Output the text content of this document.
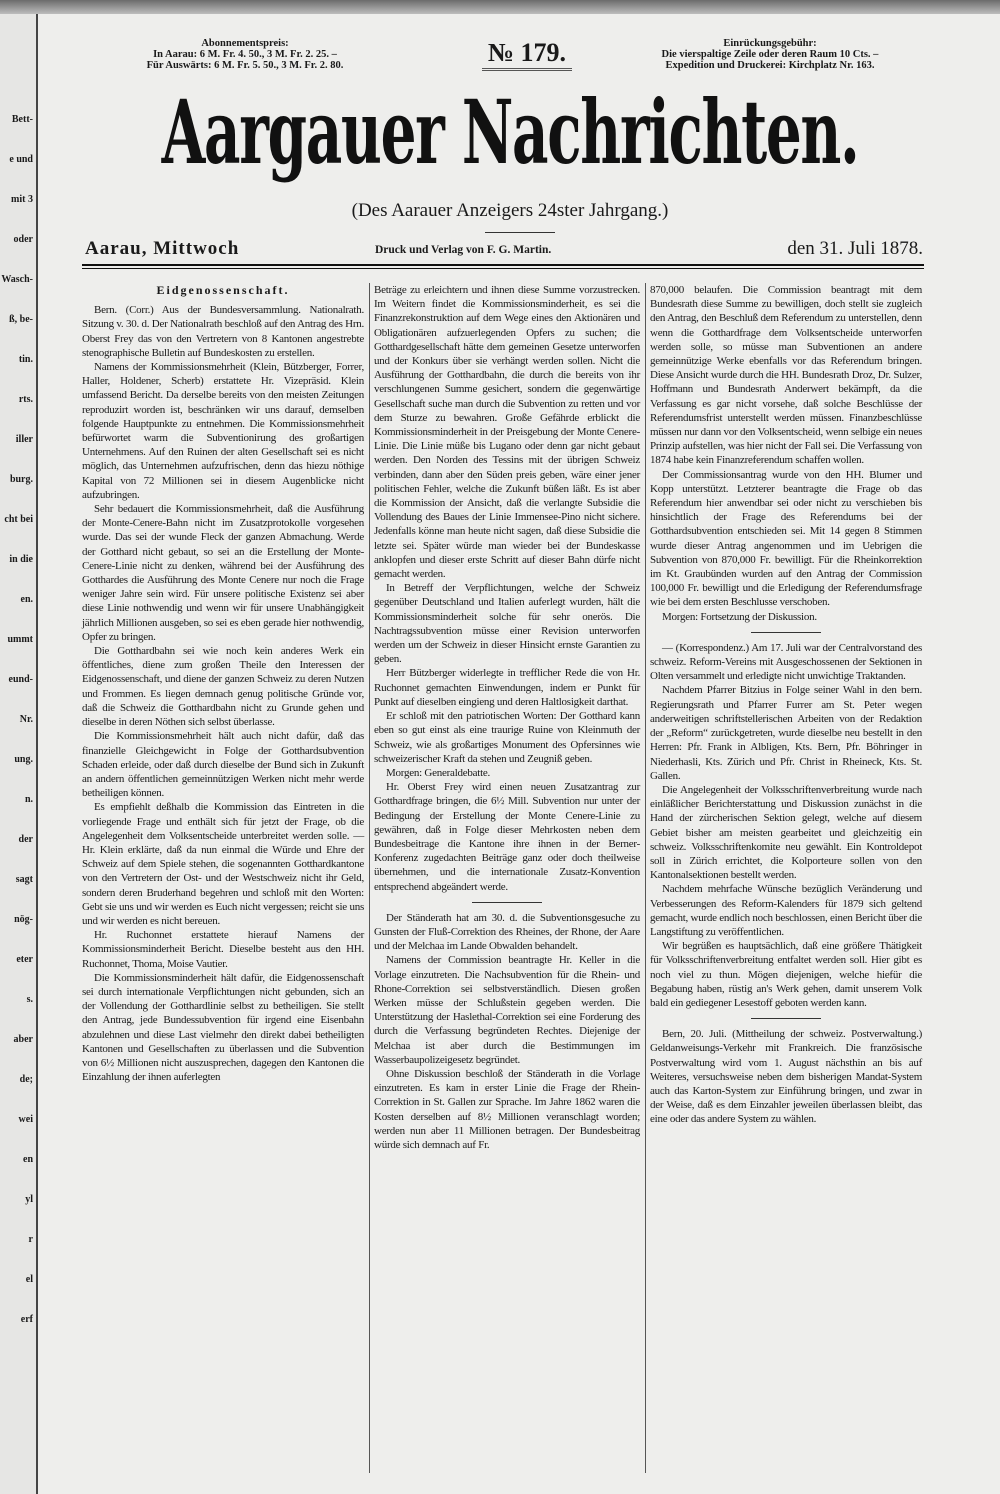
Bett-
e und
mit 3
oder
Wasch-
ß, be-
tin.
rts.
iller
burg.
cht bei
in die
en.
ummt
eund-
Nr.
ung.
n.
der
sagt
nög-
eter
s.
aber
de;
wei
en
yl
r
el
erf
Abonnementspreis:
In Aarau: 6 M. Fr. 4. 50., 3 M. Fr. 2. 25. –
Für Auswärts: 6 M. Fr. 5. 50., 3 M. Fr. 2. 80.	№ 179.	Einrückungsgebühr:
Die vierspaltige Zeile oder deren Raum 10 Cts. –
Expedition und Druckerei: Kirchplatz Nr. 163.
Aargauer Nachrichten.
(Des Aarauer Anzeigers 24ster Jahrgang.)
Aarau, Mittwoch	Druck und Verlag von F. G. Martin.	den 31. Juli 1878.

Eidgenossenschaft.

Bern. (Corr.) Aus der Bundesversammlung. Nationalrath. Sitzung v. 30. d. Der Nationalrath beschloß auf den Antrag des Hrn. Oberst Frey das von den Vertretern von 8 Kantonen angestrebte stenographische Bulletin auf Bundeskosten zu erstellen.

Namens der Kommissionsmehrheit (Klein, Bützberger, Forrer, Haller, Holdener, Scherb) erstattete Hr. Vizepräsid. Klein umfassend Bericht. Da derselbe bereits von den meisten Zeitungen reproduzirt worden ist, beschränken wir uns darauf, demselben folgende Hauptpunkte zu entnehmen. Die Kommissionsmehrheit befürwortet warm die Subventionirung des großartigen Unternehmens. Auf den Ruinen der alten Gesellschaft sei es nicht möglich, das Unternehmen aufzufrischen, denn das hiezu nöthige Kapital von 72 Millionen sei in diesem Augenblicke nicht aufzubringen.

Sehr bedauert die Kommissionsmehrheit, daß die Ausführung der Monte-Cenere-Bahn nicht im Zusatzprotokolle vorgesehen wurde. Das sei der wunde Fleck der ganzen Abmachung. Werde der Gotthard nicht gebaut, so sei an die Erstellung der Monte-Cenere-Linie nicht zu denken, während bei der Ausführung des Gotthardes die Ausführung des Monte Cenere nur noch die Frage weniger Jahre sein wird. Für unsere politische Existenz sei aber diese Linie nothwendig und wenn wir für unsere Unabhängigkeit jährlich Millionen ausgeben, so sei es eben gerade hier nothwendig, Opfer zu bringen.

Die Gotthardbahn sei wie noch kein anderes Werk ein öffentliches, diene zum großen Theile den Interessen der Eidgenossenschaft, und diene der ganzen Schweiz zu deren Nutzen und Frommen. Es liegen demnach genug politische Gründe vor, daß die Schweiz die Gotthardbahn nicht zu Grunde gehen und dieselbe in deren Nöthen sich selbst überlasse.

Die Kommissionsmehrheit hält auch nicht dafür, daß das finanzielle Gleichgewicht in Folge der Gotthardsubvention Schaden erleide, oder daß durch dieselbe der Bund sich in Zukunft an andern öffentlichen gemeinnützigen Werken nicht mehr werde betheiligen können.

Es empfiehlt deßhalb die Kommission das Eintreten in die vorliegende Frage und enthält sich für jetzt der Frage, ob die Angelegenheit dem Volksentscheide unterbreitet werden solle. — Hr. Klein erklärte, daß da nun einmal die Würde und Ehre der Schweiz auf dem Spiele stehen, die sogenannten Gotthardkantone von den Vertretern der Ost- und der Westschweiz nicht ihr Geld, sondern deren Bruderhand begehren und schloß mit den Worten: Gebt sie uns und wir werden es Euch nicht vergessen; reicht sie uns und wir werden es nicht bereuen.

Hr. Ruchonnet erstattete hierauf Namens der Kommissionsminderheit Bericht. Dieselbe besteht aus den HH. Ruchonnet, Thoma, Moise Vautier.

Die Kommissionsminderheit hält dafür, die Eidgenossenschaft sei durch internationale Verpflichtungen nicht gebunden, sich an der Vollendung der Gotthardlinie selbst zu betheiligen. Sie stellt den Antrag, jede Bundessubvention für irgend eine Eisenbahn abzulehnen und diese Last vielmehr den direkt dabei betheiligten Kantonen und Gesellschaften zu überlassen und die Subvention von 6½ Millionen nicht auszusprechen, dagegen den Kantonen die Einzahlung der ihnen auferlegten

Beträge zu erleichtern und ihnen diese Summe vorzustrecken. Im Weitern findet die Kommissionsminderheit, es sei die Finanzrekonstruktion auf dem Wege eines den Aktionären und Obligationären aufzuerlegenden Opfers zu suchen; die Gotthardgesellschaft hätte dem gemeinen Gesetze unterworfen und der Konkurs über sie verhängt werden sollen. Nicht die Ausführung der Gotthardbahn, die durch die bereits von ihr verschlungenen Summe gesichert, sondern die gegenwärtige Gesellschaft suche man durch die Subvention zu retten und vor dem Sturze zu bewahren. Große Gefährde erblickt die Kommissionsminderheit in der Preisgebung der Monte Cenere-Linie. Die Linie müße bis Lugano oder denn gar nicht gebaut werden. Den Norden des Tessins mit der übrigen Schweiz verbinden, dann aber den Süden preis geben, wäre einer jener politischen Fehler, welche die Zukunft büßen läßt. Es ist aber die Kommission der Ansicht, daß die verlangte Subsidie die Vollendung des Baues der Linie Immensee-Pino nicht sichere. Jedenfalls könne man heute nicht sagen, daß diese Subsidie die letzte sei. Später würde man wieder bei der Bundeskasse anklopfen und dieser erste Schritt auf dieser Bahn dürfe nicht gemacht werden.

In Betreff der Verpflichtungen, welche der Schweiz gegenüber Deutschland und Italien auferlegt wurden, hält die Kommissionsminderheit solche für sehr onerös. Die Nachtragssubvention müsse einer Revision unterworfen werden um der Schweiz in dieser Hinsicht ernste Garantien zu geben.

Herr Bützberger widerlegte in trefflicher Rede die von Hr. Ruchonnet gemachten Einwendungen, indem er Punkt für Punkt auf dieselben eingieng und deren Haltlosigkeit darthat.

Er schloß mit den patriotischen Worten: Der Gotthard kann eben so gut einst als eine traurige Ruine von Kleinmuth der Schweiz, wie als großartiges Monument des Opfersinnes wie schweizerischer Kraft da stehen und Zeugniß geben.

Morgen: Generaldebatte.

Hr. Oberst Frey wird einen neuen Zusatzantrag zur Gotthardfrage bringen, die 6½ Mill. Subvention nur unter der Bedingung der Erstellung der Monte Cenere-Linie zu gewähren, daß in Folge dieser Mehrkosten neben dem Bundesbeitrage die Kantone ihre ihnen in der Berner-Konferenz zugedachten Beiträge ganz oder doch theilweise übernehmen, und die internationale Zusatz-Konvention entsprechend abgeändert werde.

Der Ständerath hat am 30. d. die Subventionsgesuche zu Gunsten der Fluß-Correktion des Rheines, der Rhone, der Aare und der Melchaa im Lande Obwalden behandelt.

Namens der Commission beantragte Hr. Keller in die Vorlage einzutreten. Die Nachsubvention für die Rhein- und Rhone-Correktion sei selbstverständlich. Diesen großen Werken müsse der Schlußstein gegeben werden. Die Unterstützung der Haslethal-Correktion sei eine Forderung des durch die Verfassung begründeten Rechtes. Diejenige der Melchaa ist aber durch die Bestimmungen im Wasserbaupolizeigesetz begründet.

Ohne Diskussion beschloß der Ständerath in die Vorlage einzutreten. Es kam in erster Linie die Frage der Rhein-Correktion in St. Gallen zur Sprache. Im Jahre 1862 waren die Kosten derselben auf 8½ Millionen veranschlagt worden; werden nun aber 11 Millionen betragen. Der Bundesbeitrag würde sich demnach auf Fr.

870,000 belaufen. Die Commission beantragt mit dem Bundesrath diese Summe zu bewilligen, doch stellt sie zugleich den Antrag, den Beschluß dem Referendum zu unterstellen, denn wenn die Gotthardfrage dem Volksentscheide unterworfen werden solle, so müsse man Subventionen an andere gemeinnützige Werke ebenfalls vor das Referendum bringen. Diese Ansicht wurde durch die HH. Bundesrath Droz, Dr. Sulzer, Hoffmann und Bundesrath Anderwert bekämpft, da die Verfassung es gar nicht vorsehe, daß solche Beschlüsse der Referendumsfrist unterstellt werden müssen. Finanzbeschlüsse müssen nur dann vor den Volksentscheid, wenn selbige ein neues Prinzip aufstellen, was hier nicht der Fall sei. Die Verfassung von 1874 habe kein Finanzreferendum schaffen wollen.

Der Commissionsantrag wurde von den HH. Blumer und Kopp unterstützt. Letzterer beantragte die Frage ob das Referendum hier anwendbar sei oder nicht zu verschieben bis hinsichtlich der Frage des Referendums bei der Gotthardsubvention entschieden sei. Mit 14 gegen 8 Stimmen wurde dieser Antrag angenommen und im Uebrigen die Subvention von 870,000 Fr. bewilligt. Für die Rheinkorrektion im Kt. Graubünden wurden auf den Antrag der Commission 100,000 Fr. bewilligt und die Erledigung der Referendumsfrage wie bei dem ersten Beschlusse verschoben.

Morgen: Fortsetzung der Diskussion.

— (Korrespondenz.) Am 17. Juli war der Centralvorstand des schweiz. Reform-Vereins mit Ausgeschossenen der Sektionen in Olten versammelt und erledigte nicht unwichtige Traktanden.

Nachdem Pfarrer Bitzius in Folge seiner Wahl in den bern. Regierungsrath und Pfarrer Furrer am St. Peter wegen anderweitigen schriftstellerischen Arbeiten von der Redaktion der „Reform“ zurückgetreten, wurde dieselbe neu bestellt in den Herren: Pfr. Frank in Albligen, Kts. Bern, Pfr. Böhringer in Niederhasli, Kts. Zürich und Pfr. Christ in Rheineck, Kts. St. Gallen.

Die Angelegenheit der Volksschriftenverbreitung wurde nach einläßlicher Berichterstattung und Diskussion zunächst in die Hand der zürcherischen Sektion gelegt, welche auf diesem Gebiet bisher am meisten gearbeitet und gleichzeitig ein schweiz. Volksschriftenkomite neu gewählt. Ein Kontroldepot soll in Zürich errichtet, die Kolporteure sollen von den Kantonalsektionen bestellt werden.

Nachdem mehrfache Wünsche bezüglich Veränderung und Verbesserungen des Reform-Kalenders für 1879 sich geltend gemacht, wurde endlich noch beschlossen, einen Bericht über die Langstiftung zu veröffentlichen.

Wir begrüßen es hauptsächlich, daß eine größere Thätigkeit für Volksschriftenverbreitung entfaltet werden soll. Hier gibt es noch viel zu thun. Mögen diejenigen, welche hiefür die Begabung haben, rüstig an's Werk gehen, damit unserem Volk bald ein gediegener Lesestoff geboten werden kann.

Bern, 20. Juli. (Mittheilung der schweiz. Postverwaltung.) Geldanweisungs-Verkehr mit Frankreich. Die französische Postverwaltung wird vom 1. August nächsthin an bis auf Weiteres, versuchsweise neben dem bisherigen Mandat-System auch das Karton-System zur Einführung bringen, und zwar in der Weise, daß es dem Einzahler jeweilen überlassen bleibt, das eine oder das andere System zu wählen.
